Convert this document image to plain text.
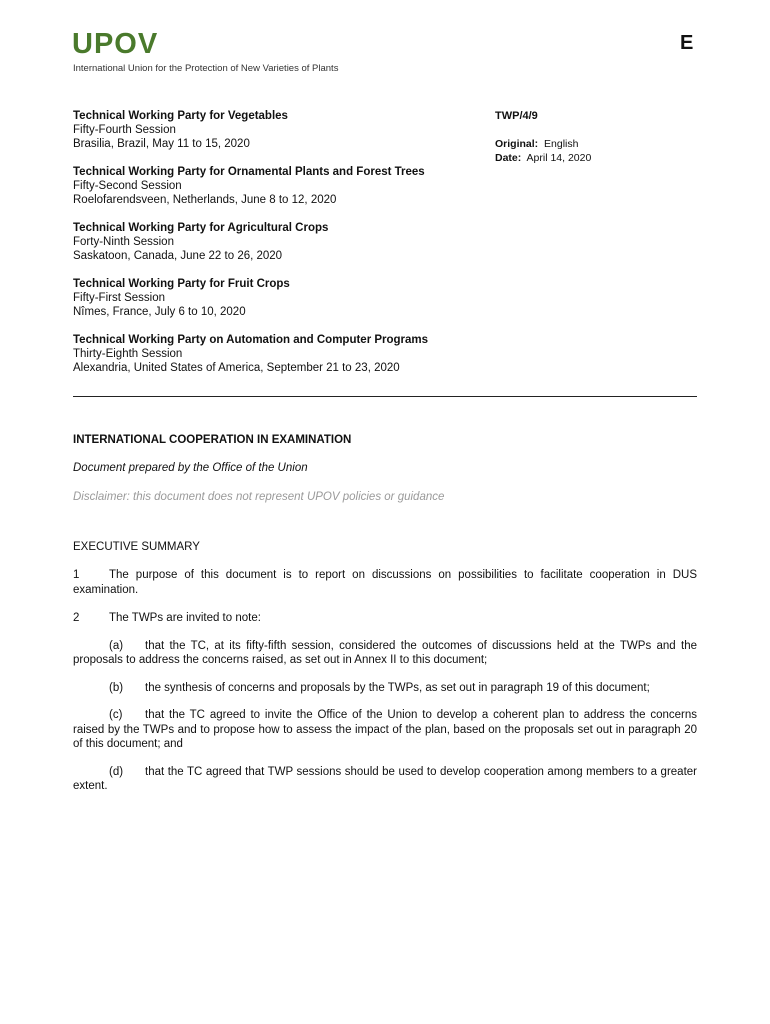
UPOV	E
International Union for the Protection of New Varieties of Plants
Technical Working Party for Vegetables
Fifty-Fourth Session
Brasilia, Brazil, May 11 to 15, 2020
Technical Working Party for Ornamental Plants and Forest Trees
Fifty-Second Session
Roelofarendsveen, Netherlands, June 8 to 12, 2020
Technical Working Party for Agricultural Crops
Forty-Ninth Session
Saskatoon, Canada, June 22 to 26, 2020
Technical Working Party for Fruit Crops
Fifty-First Session
Nîmes, France, July 6 to 10, 2020
Technical Working Party on Automation and Computer Programs
Thirty-Eighth Session
Alexandria, United States of America, September 21 to 23, 2020
TWP/4/9
Original: English
Date: April 14, 2020
INTERNATIONAL COOPERATION IN EXAMINATION
Document prepared by the Office of the Union
Disclaimer: this document does not represent UPOV policies or guidance
EXECUTIVE SUMMARY
1	The purpose of this document is to report on discussions on possibilities to facilitate cooperation in DUS examination.
2	The TWPs are invited to note:
(a) that the TC, at its fifty-fifth session, considered the outcomes of discussions held at the TWPs and the proposals to address the concerns raised, as set out in Annex II to this document;
(b) the synthesis of concerns and proposals by the TWPs, as set out in paragraph 19 of this document;
(c) that the TC agreed to invite the Office of the Union to develop a coherent plan to address the concerns raised by the TWPs and to propose how to assess the impact of the plan, based on the proposals set out in paragraph 20 of this document; and
(d) that the TC agreed that TWP sessions should be used to develop cooperation among members to a greater extent.
